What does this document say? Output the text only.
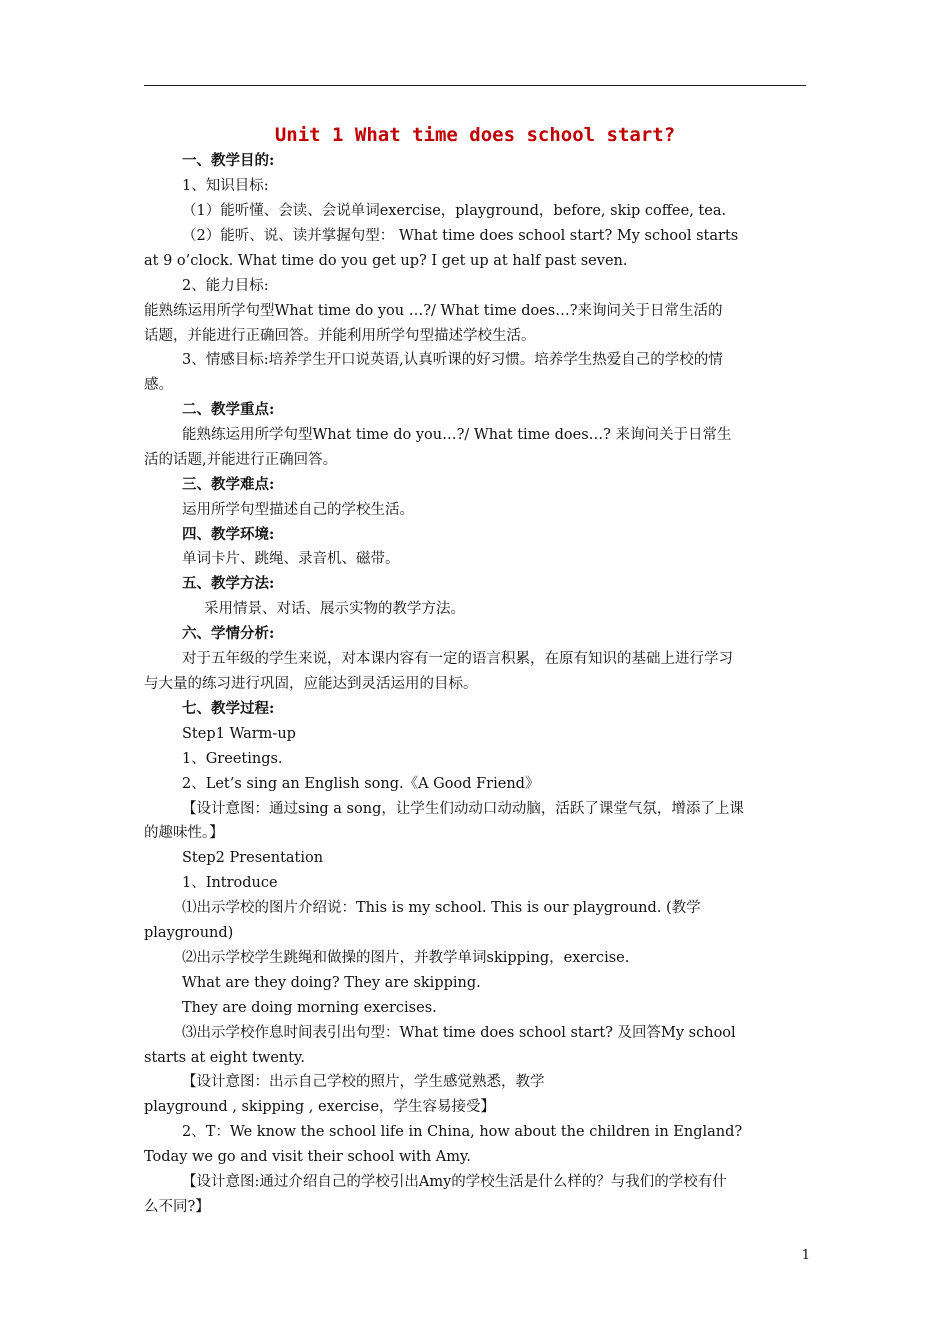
Unit 1 What time does school start?
一、教学目的:
1、知识目标:
（1）能听懂、会读、会说单词exercise，playground，before, skip coffee, tea.
（2）能听、说、读并掌握句型： What time does school start? My school starts
at 9 o’clock. What time do you get up? I get up at half past seven.
2、能力目标:
能熟练运用所学句型What time do you …?/ What time does…?来询问关于日常生活的
话题，并能进行正确回答。并能利用所学句型描述学校生活。
3、情感目标:培养学生开口说英语,认真听课的好习惯。培养学生热爱自己的学校的情
感。
二、教学重点:
能熟练运用所学句型What time do you…?/ What time does…? 来询问关于日常生
活的话题,并能进行正确回答。
三、教学难点:
运用所学句型描述自己的学校生活。
四、教学环境:
单词卡片、跳绳、录音机、磁带。
五、教学方法:
采用情景、对话、展示实物的教学方法。
六、学情分析:
对于五年级的学生来说，对本课内容有一定的语言积累，在原有知识的基础上进行学习
与大量的练习进行巩固，应能达到灵活运用的目标。
七、教学过程:
Step1 Warm-up
1、Greetings.
2、Let’s sing an English song.《A Good Friend》
【设计意图：通过sing a song，让学生们动动口动动脑，活跃了课堂气氛，增添了上课
的趣味性。】
Step2 Presentation
1、Introduce
⑴出示学校的图片介绍说：This is my school. This is our playground. (教学
playground)
⑵出示学校学生跳绳和做操的图片，并教学单词skipping，exercise.
What are they doing? They are skipping.
They are doing morning exercises.
⑶出示学校作息时间表引出句型：What time does school start? 及回答My school
starts at eight twenty.
【设计意图：出示自己学校的照片，学生感觉熟悉，教学
playground , skipping , exercise，学生容易接受】
2、T：We know the school life in China, how about the children in England?
Today we go and visit their school with Amy.
【设计意图:通过介绍自己的学校引出Amy的学校生活是什么样的？与我们的学校有什
么不同?】
1
